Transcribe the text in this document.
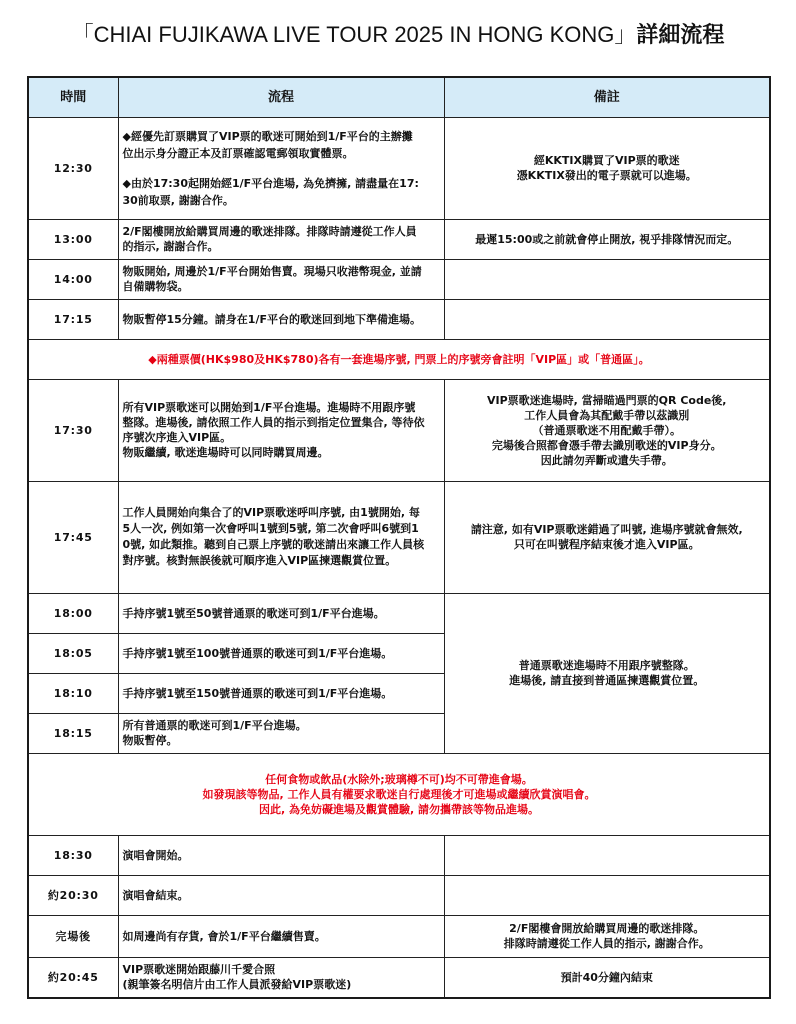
「CHIAI FUJIKAWA LIVE TOUR 2025 IN HONG KONG」詳細流程
時間	流程	備註
12:30	◆經優先訂票購買了VIP票的歌迷可開始到1/F平台的主辦攤
位出示身分證正本及訂票確認電郵領取實體票。
◆由於17:30起開始經1/F平台進場, 為免擠擁, 請盡量在17:
30前取票, 謝謝合作。	經KKTIX購買了VIP票的歌迷
憑KKTIX發出的電子票就可以進場。

13:00	2/F閣樓開放給購買周邊的歌迷排隊。排隊時請遵從工作人員
的指示, 謝謝合作。	最遲15:00或之前就會停止開放, 視乎排隊情況而定。

14:00	物販開始, 周邊於1/F平台開始售賣。現場只收港幣現金, 並請
自備購物袋。	

17:15	物販暫停15分鐘。請身在1/F平台的歌迷回到地下準備進場。	

◆兩種票價(HK$980及HK$780)各有一套進場序號, 門票上的序號旁會註明「VIP區」或「普通區」。		

17:30	所有VIP票歌迷可以開始到1/F平台進場。進場時不用跟序號
整隊。進場後, 請依照工作人員的指示到指定位置集合, 等待依
序號次序進入VIP區。
物販繼續, 歌迷進場時可以同時購買周邊。	VIP票歌迷進場時, 當掃瞄過門票的QR Code後,
工作人員會為其配戴手帶以茲識別
（普通票歌迷不用配戴手帶）。
完場後合照都會憑手帶去識別歌迷的VIP身分。
因此請勿弄斷或遺失手帶。

17:45	工作人員開始向集合了的VIP票歌迷呼叫序號, 由1號開始, 每
5人一次, 例如第一次會呼叫1號到5號, 第二次會呼叫6號到1
0號, 如此類推。聽到自己票上序號的歌迷請出來讓工作人員核
對序號。核對無誤後就可順序進入VIP區揀選觀賞位置。	請注意, 如有VIP票歌迷錯過了叫號, 進場序號就會無效,
只可在叫號程序結束後才進入VIP區。

18:00	手持序號1號至50號普通票的歌迷可到1/F平台進場。	普通票歌迷進場時不用跟序號整隊。
進場後, 請直接到普通區揀選觀賞位置。

18:05	手持序號1號至100號普通票的歌迷可到1/F平台進場。	

18:10	手持序號1號至150號普通票的歌迷可到1/F平台進場。	

18:15	所有普通票的歌迷可到1/F平台進場。
物販暫停。	

任何食物或飲品(水除外;玻璃樽不可)均不可帶進會場。
如發現該等物品, 工作人員有權要求歌迷自行處理後才可進場或繼續欣賞演唱會。
因此, 為免妨礙進場及觀賞體驗, 請勿攜帶該等物品進場。		

18:30	演唱會開始。	

約20:30	演唱會結束。	

完場後	如周邊尚有存貨, 會於1/F平台繼續售賣。	2/F閣樓會開放給購買周邊的歌迷排隊。
排隊時請遵從工作人員的指示, 謝謝合作。

約20:45	VIP票歌迷開始跟藤川千愛合照
(親筆簽名明信片由工作人員派發給VIP票歌迷)	預計40分鐘內結束
